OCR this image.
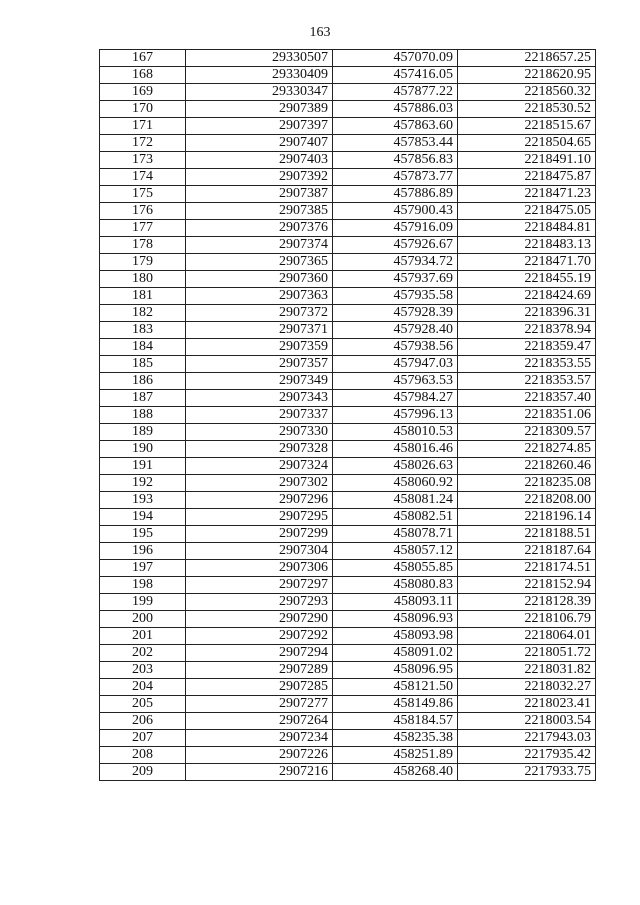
163
167	29330507	457070.09	2218657.25
168	29330409	457416.05	2218620.95
169	29330347	457877.22	2218560.32
170	2907389	457886.03	2218530.52
171	2907397	457863.60	2218515.67
172	2907407	457853.44	2218504.65
173	2907403	457856.83	2218491.10
174	2907392	457873.77	2218475.87
175	2907387	457886.89	2218471.23
176	2907385	457900.43	2218475.05
177	2907376	457916.09	2218484.81
178	2907374	457926.67	2218483.13
179	2907365	457934.72	2218471.70
180	2907360	457937.69	2218455.19
181	2907363	457935.58	2218424.69
182	2907372	457928.39	2218396.31
183	2907371	457928.40	2218378.94
184	2907359	457938.56	2218359.47
185	2907357	457947.03	2218353.55
186	2907349	457963.53	2218353.57
187	2907343	457984.27	2218357.40
188	2907337	457996.13	2218351.06
189	2907330	458010.53	2218309.57
190	2907328	458016.46	2218274.85
191	2907324	458026.63	2218260.46
192	2907302	458060.92	2218235.08
193	2907296	458081.24	2218208.00
194	2907295	458082.51	2218196.14
195	2907299	458078.71	2218188.51
196	2907304	458057.12	2218187.64
197	2907306	458055.85	2218174.51
198	2907297	458080.83	2218152.94
199	2907293	458093.11	2218128.39
200	2907290	458096.93	2218106.79
201	2907292	458093.98	2218064.01
202	2907294	458091.02	2218051.72
203	2907289	458096.95	2218031.82
204	2907285	458121.50	2218032.27
205	2907277	458149.86	2218023.41
206	2907264	458184.57	2218003.54
207	2907234	458235.38	2217943.03
208	2907226	458251.89	2217935.42
209	2907216	458268.40	2217933.75
